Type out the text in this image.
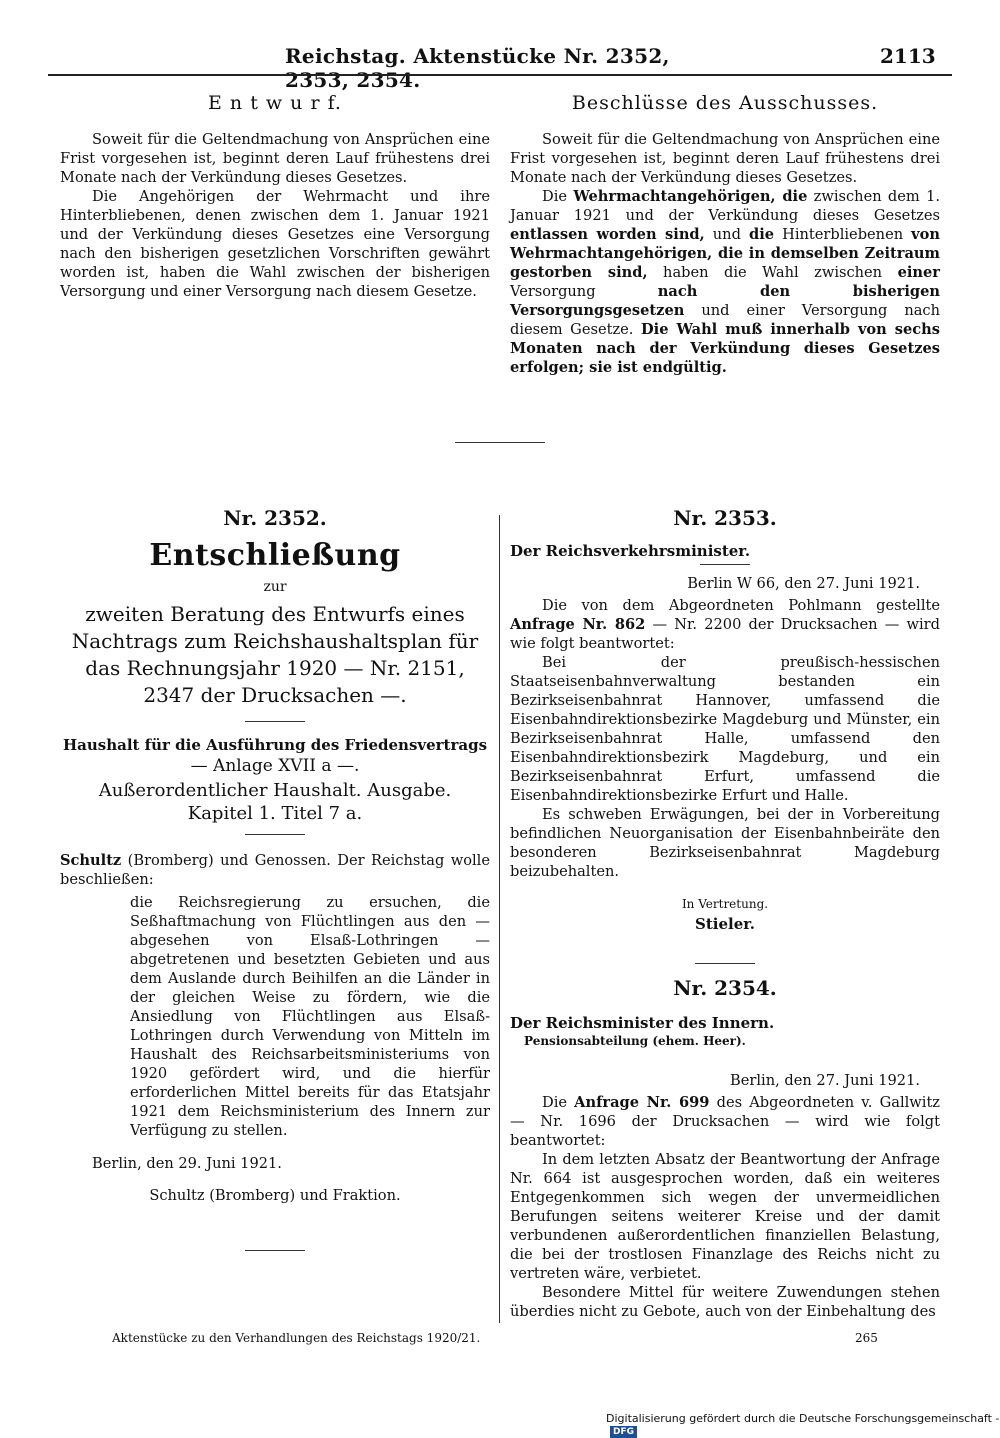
Reichstag. Aktenstücke Nr. 2352, 2353, 2354.
2113
E n t w u r f.

Soweit für die Geltendmachung von Ansprüchen eine Frist vorgesehen ist, beginnt deren Lauf frühestens drei Monate nach der Verkündung dieses Gesetzes.

Die Angehörigen der Wehrmacht und ihre Hinterbliebenen, denen zwischen dem 1. Januar 1921 und der Verkündung dieses Gesetzes eine Versorgung nach den bisherigen gesetzlichen Vorschriften gewährt worden ist, haben die Wahl zwischen der bisherigen Versorgung und einer Versorgung nach diesem Gesetze.

Beschlüsse des Ausschusses.

Soweit für die Geltendmachung von Ansprüchen eine Frist vorgesehen ist, beginnt deren Lauf frühestens drei Monate nach der Verkündung dieses Gesetzes.

Die Wehrmachtangehörigen, die zwischen dem 1. Januar 1921 und der Verkündung dieses Gesetzes entlassen worden sind, und die Hinterbliebenen von Wehrmachtangehörigen, die in demselben Zeitraum gestorben sind, haben die Wahl zwischen einer Versorgung nach den bisherigen Versorgungsgesetzen und einer Versorgung nach diesem Gesetze. Die Wahl muß innerhalb von sechs Monaten nach der Verkündung dieses Gesetzes erfolgen; sie ist endgültig.

Nr. 2352.
Entschließung
zur
zweiten Beratung des Entwurfs eines Nachtrags zum Reichshaushaltsplan für das Rechnungsjahr 1920 — Nr. 2151, 2347 der Drucksachen —.
Haushalt für die Ausführung des Friedensvertrags
— Anlage XVII a —.
Außerordentlicher Haushalt. Ausgabe.
Kapitel 1. Titel 7 a.

Schultz (Bromberg) und Genossen. Der Reichstag wolle beschließen:

die Reichsregierung zu ersuchen, die Seßhaftmachung von Flüchtlingen aus den — abgesehen von Elsaß-Lothringen — abgetretenen und besetzten Gebieten und aus dem Auslande durch Beihilfen an die Länder in der gleichen Weise zu fördern, wie die Ansiedlung von Flüchtlingen aus Elsaß-Lothringen durch Verwendung von Mitteln im Haushalt des Reichsarbeitsministeriums von 1920 gefördert wird, und die hierfür erforderlichen Mittel bereits für das Etatsjahr 1921 dem Reichsministerium des Innern zur Verfügung zu stellen.

Berlin, den 29. Juni 1921.

Schultz (Bromberg) und Fraktion.
Nr. 2353.
Der Reichsverkehrsminister.
Berlin W 66, den 27. Juni 1921.

Die von dem Abgeordneten Pohlmann gestellte Anfrage Nr. 862 — Nr. 2200 der Drucksachen — wird wie folgt beantwortet:

Bei der preußisch-hessischen Staatseisenbahnverwaltung bestanden ein Bezirkseisenbahnrat Hannover, umfassend die Eisenbahndirektionsbezirke Magdeburg und Münster, ein Bezirkseisenbahnrat Halle, umfassend den Eisenbahndirektionsbezirk Magdeburg, und ein Bezirkseisenbahnrat Erfurt, umfassend die Eisenbahndirektionsbezirke Erfurt und Halle.

Es schweben Erwägungen, bei der in Vorbereitung befindlichen Neuorganisation der Eisenbahnbeiräte den besonderen Bezirkseisenbahnrat Magdeburg beizubehalten.

In Vertretung.
Stieler.
Nr. 2354.
Der Reichsminister des Innern.
Pensionsabteilung (ehem. Heer).
Berlin, den 27. Juni 1921.

Die Anfrage Nr. 699 des Abgeordneten v. Gallwitz — Nr. 1696 der Drucksachen — wird wie folgt beantwortet:

In dem letzten Absatz der Beantwortung der Anfrage Nr. 664 ist ausgesprochen worden, daß ein weiteres Entgegenkommen sich wegen der unvermeidlichen Berufungen seitens weiterer Kreise und der damit verbundenen außerordentlichen finanziellen Belastung, die bei der trostlosen Finanzlage des Reichs nicht zu vertreten wäre, verbietet.

Besondere Mittel für weitere Zuwendungen stehen überdies nicht zu Gebote, auch von der Einbehaltung des

Aktenstücke zu den Verhandlungen des Reichstags 1920/21.	265
Digitalisierung gefördert durch die Deutsche Forschungsgemeinschaft -DFG
